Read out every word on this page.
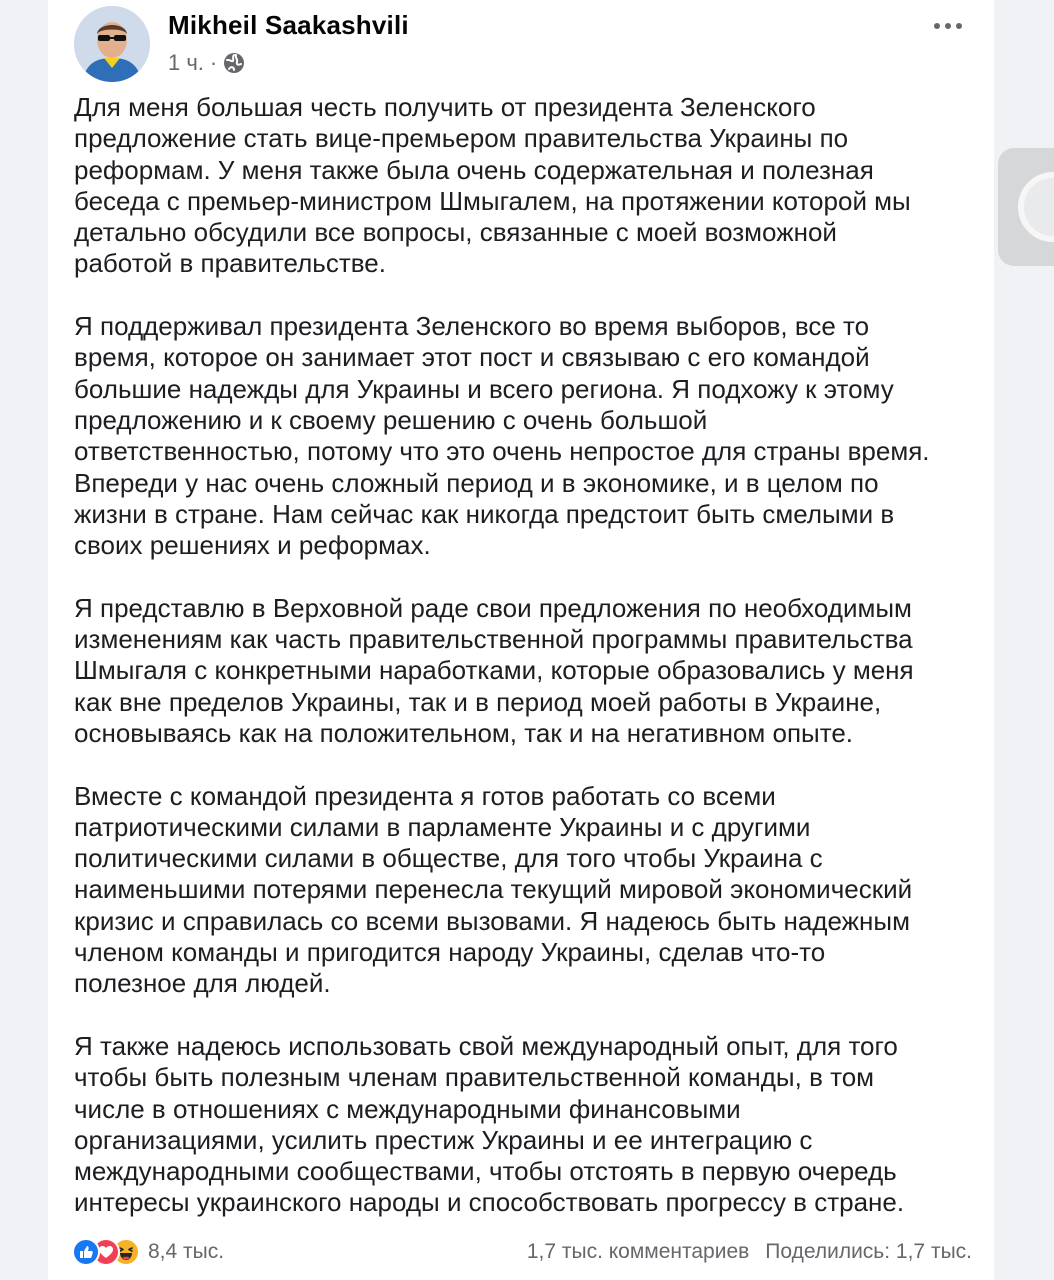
Mikheil Saakashvili
1 ч. ·

Для меня большая честь получить от президента Зеленского
предложение стать вице-премьером правительства Украины по
реформам. У меня также была очень содержательная и полезная
беседа с премьер-министром Шмыгалем, на протяжении которой мы
детально обсудили все вопросы, связанные с моей возможной
работой в правительстве.

Я поддерживал президента Зеленского во время выборов, все то
время, которое он занимает этот пост и связываю с его командой
большие надежды для Украины и всего региона. Я подхожу к этому
предложению и к своему решению с очень большой
ответственностью, потому что это очень непростое для страны время.
Впереди у нас очень сложный период и в экономике, и в целом по
жизни в стране. Нам сейчас как никогда предстоит быть смелыми в
своих решениях и реформах.

Я представлю в Верховной раде свои предложения по необходимым
изменениям как часть правительственной программы правительства
Шмыгаля с конкретными наработками, которые образовались у меня
как вне пределов Украины, так и в период моей работы в Украине,
основываясь как на положительном, так и на негативном опыте.

Вместе с командой президента я готов работать со всеми
патриотическими силами в парламенте Украины и с другими
политическими силами в обществе, для того чтобы Украина с
наименьшими потерями перенесла текущий мировой экономический
кризис и справилась со всеми вызовами. Я надеюсь быть надежным
членом команды и пригодится народу Украины, сделав что-то
полезное для людей.

Я также надеюсь использовать свой международный опыт, для того
чтобы быть полезным членам правительственной команды, в том
числе в отношениях с международными финансовыми
организациями, усилить престиж Украины и ее интеграцию с
международными сообществами, чтобы отстоять в первую очередь
интересы украинского народы и способствовать прогрессу в стране.

8,4 тыс.	1,7 тыс. комментариев Поделились: 1,7 тыс.
